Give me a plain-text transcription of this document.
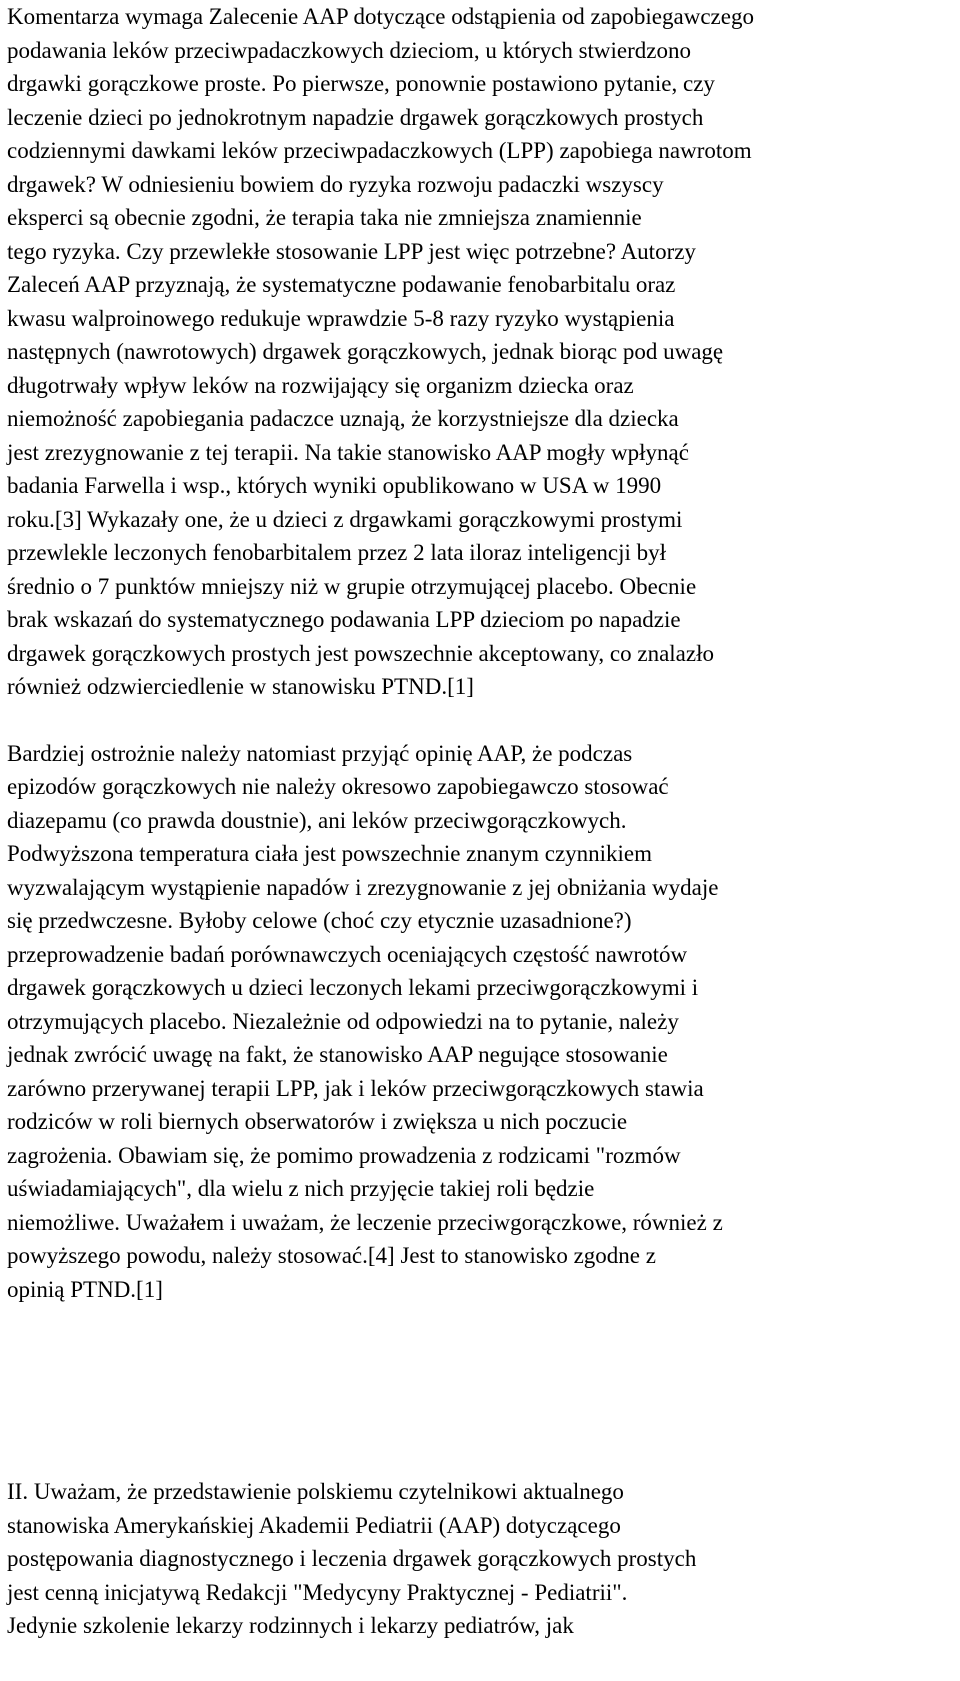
Komentarza wymaga Zalecenie AAP dotyczące odstąpienia od zapobiegawczego
podawania leków przeciwpadaczkowych dzieciom, u których stwierdzono
drgawki gorączkowe proste. Po pierwsze, ponownie postawiono pytanie, czy
leczenie dzieci po jednokrotnym napadzie drgawek gorączkowych prostych
codziennymi dawkami leków przeciwpadaczkowych (LPP) zapobiega nawrotom
drgawek? W odniesieniu bowiem do ryzyka rozwoju padaczki wszyscy
eksperci są obecnie zgodni, że terapia taka nie zmniejsza znamiennie
tego ryzyka. Czy przewlekłe stosowanie LPP jest więc potrzebne? Autorzy
Zaleceń AAP przyznają, że systematyczne podawanie fenobarbitalu oraz
kwasu walproinowego redukuje wprawdzie 5-8 razy ryzyko wystąpienia
następnych (nawrotowych) drgawek gorączkowych, jednak biorąc pod uwagę
długotrwały wpływ leków na rozwijający się organizm dziecka oraz
niemożność zapobiegania padaczce uznają, że korzystniejsze dla dziecka
jest zrezygnowanie z tej terapii. Na takie stanowisko AAP mogły wpłynąć
badania Farwella i wsp., których wyniki opublikowano w USA w 1990
roku.[3] Wykazały one, że u dzieci z drgawkami gorączkowymi prostymi
przewlekle leczonych fenobarbitalem przez 2 lata iloraz inteligencji był
średnio o 7 punktów mniejszy niż w grupie otrzymującej placebo. Obecnie
brak wskazań do systematycznego podawania LPP dzieciom po napadzie
drgawek gorączkowych prostych jest powszechnie akceptowany, co znalazło
również odzwierciedlenie w stanowisku PTND.[1]
Bardziej ostrożnie należy natomiast przyjąć opinię AAP, że podczas
epizodów gorączkowych nie należy okresowo zapobiegawczo stosować
diazepamu (co prawda doustnie), ani leków przeciwgorączkowych.
Podwyższona temperatura ciała jest powszechnie znanym czynnikiem
wyzwalającym wystąpienie napadów i zrezygnowanie z jej obniżania wydaje
się przedwczesne. Byłoby celowe (choć czy etycznie uzasadnione?)
przeprowadzenie badań porównawczych oceniających częstość nawrotów
drgawek gorączkowych u dzieci leczonych lekami przeciwgorączkowymi i
otrzymujących placebo. Niezależnie od odpowiedzi na to pytanie, należy
jednak zwrócić uwagę na fakt, że stanowisko AAP negujące stosowanie
zarówno przerywanej terapii LPP, jak i leków przeciwgorączkowych stawia
rodziców w roli biernych obserwatorów i zwiększa u nich poczucie
zagrożenia. Obawiam się, że pomimo prowadzenia z rodzicami "rozmów
uświadamiających", dla wielu z nich przyjęcie takiej roli będzie
niemożliwe. Uważałem i uważam, że leczenie przeciwgorączkowe, również z
powyższego powodu, należy stosować.[4] Jest to stanowisko zgodne z
opinią PTND.[1]
II. Uważam, że przedstawienie polskiemu czytelnikowi aktualnego
stanowiska Amerykańskiej Akademii Pediatrii (AAP) dotyczącego
postępowania diagnostycznego i leczenia drgawek gorączkowych prostych
jest cenną inicjatywą Redakcji "Medycyny Praktycznej - Pediatrii".
Jedynie szkolenie lekarzy rodzinnych i lekarzy pediatrów, jak
